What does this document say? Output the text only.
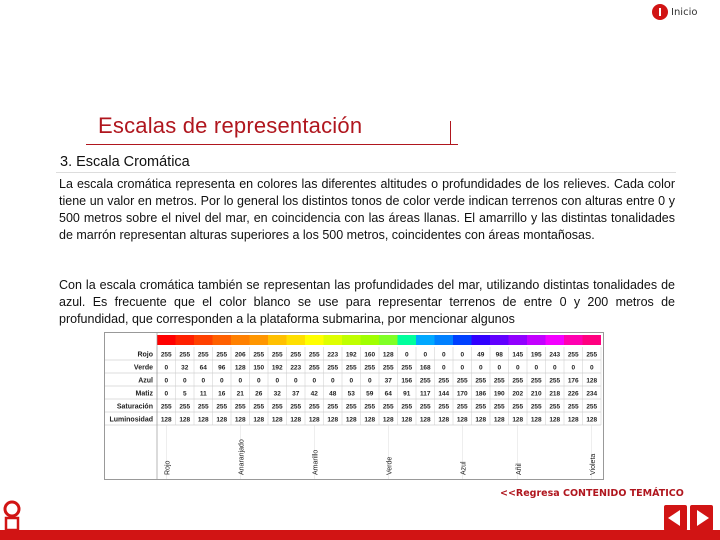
Inicio
Escalas de representación
3. Escala Cromática
La escala cromática representa en colores las diferentes altitudes o profundidades de los relieves. Cada color tiene un valor en metros. Por lo general los distintos tonos de color verde indican terrenos con alturas entre 0 y 500 metros sobre el nivel del mar, en coincidencia con las áreas llanas. El amarrillo y las distintas tonalidades de marrón representan alturas superiores a los 500 metros, coincidentes con áreas montañosas.
Con la escala cromática también se representan las profundidades del mar, utilizando distintas tonalidades de azul. Es frecuente que el color blanco se use para representar terrenos de entre 0 y 200 metros de profundidad, que corresponden a la plataforma submarina, por mencionar algunos
Rojo 255 255 255 255 206 255 255 255 255 223 192 160 128 0 0 0 0 49 98 145 195 243 255 255
Verde 0 32 64 96 128 150 192 223 255 255 255 255 255 255 168 0 0 0 0 0 0 0 0 0
Azul 0 0 0 0 0 0 0 0 0 0 0 0 37 156 255 255 255 255 255 255 255 255 176 128
Matiz 0 5 11 16 21 26 32 37 42 48 53 59 64 91 117 144 170 186 190 202 210 218 226 234
Saturación 255 255 255 255 255 255 255 255 255 255 255 255 255 255 255 255 255 255 255 255 255 255 255 255
Luminosidad 128 128 128 128 128 128 128 128 128 128 128 128 128 128 128 128 128 128 128 128 128 128 128 128
Rojo	Anaranjado	Amarillo	Verde	Azul	Añil	Violeta
<<Regresa CONTENIDO TEMÁTICO
